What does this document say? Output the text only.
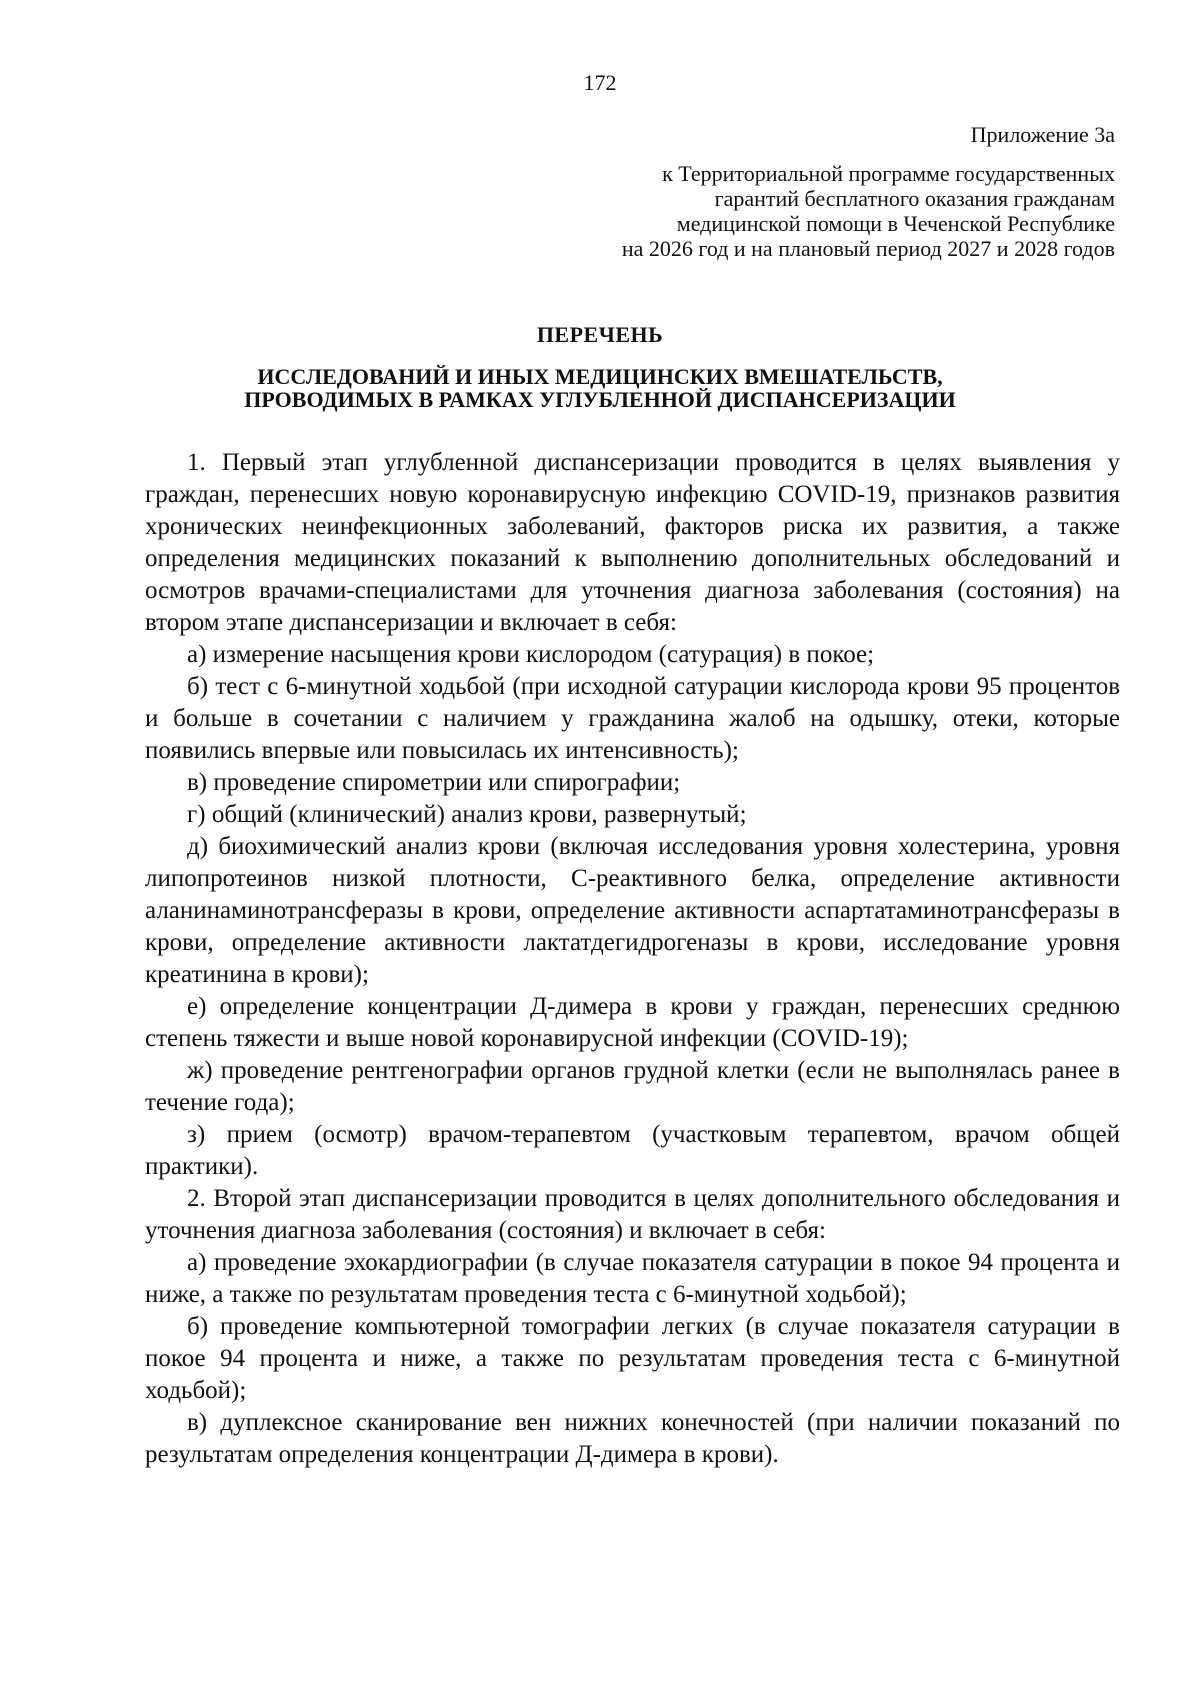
172
Приложение 3а
к Территориальной программе государственных
гарантий бесплатного оказания гражданам
медицинской помощи в Чеченской Республике
на 2026 год и на плановый период 2027 и 2028 годов
ПЕРЕЧЕНЬ
ИССЛЕДОВАНИЙ И ИНЫХ МЕДИЦИНСКИХ ВМЕШАТЕЛЬСТВ,
ПРОВОДИМЫХ В РАМКАХ УГЛУБЛЕННОЙ ДИСПАНСЕРИЗАЦИИ

1. Первый этап углубленной диспансеризации проводится в целях выявления у граждан, перенесших новую коронавирусную инфекцию COVID-19, признаков развития хронических неинфекционных заболеваний, факторов риска их развития, а также определения медицинских показаний к выполнению дополнительных обследований и осмотров врачами-специалистами для уточнения диагноза заболевания (состояния) на втором этапе диспансеризации и включает в себя:

а) измерение насыщения крови кислородом (сатурация) в покое;

б) тест с 6-минутной ходьбой (при исходной сатурации кислорода крови 95 процентов и больше в сочетании с наличием у гражданина жалоб на одышку, отеки, которые появились впервые или повысилась их интенсивность);

в) проведение спирометрии или спирографии;

г) общий (клинический) анализ крови, развернутый;

д) биохимический анализ крови (включая исследования уровня холестерина, уровня липопротеинов низкой плотности, С-реактивного белка, определение активности аланинаминотрансферазы в крови, определение активности аспартатаминотрансферазы в крови, определение активности лактатдегидрогеназы в крови, исследование уровня креатинина в крови);

е) определение концентрации Д-димера в крови у граждан, перенесших среднюю степень тяжести и выше новой коронавирусной инфекции (COVID-19);

ж) проведение рентгенографии органов грудной клетки (если не выполнялась ранее в течение года);

з) прием (осмотр) врачом-терапевтом (участковым терапевтом, врачом общей практики).

2. Второй этап диспансеризации проводится в целях дополнительного обследования и уточнения диагноза заболевания (состояния) и включает в себя:

а) проведение эхокардиографии (в случае показателя сатурации в покое 94 процента и ниже, а также по результатам проведения теста с 6-минутной ходьбой);

б) проведение компьютерной томографии легких (в случае показателя сатурации в покое 94 процента и ниже, а также по результатам проведения теста с 6-минутной ходьбой);

в) дуплексное сканирование вен нижних конечностей (при наличии показаний по результатам определения концентрации Д-димера в крови).
